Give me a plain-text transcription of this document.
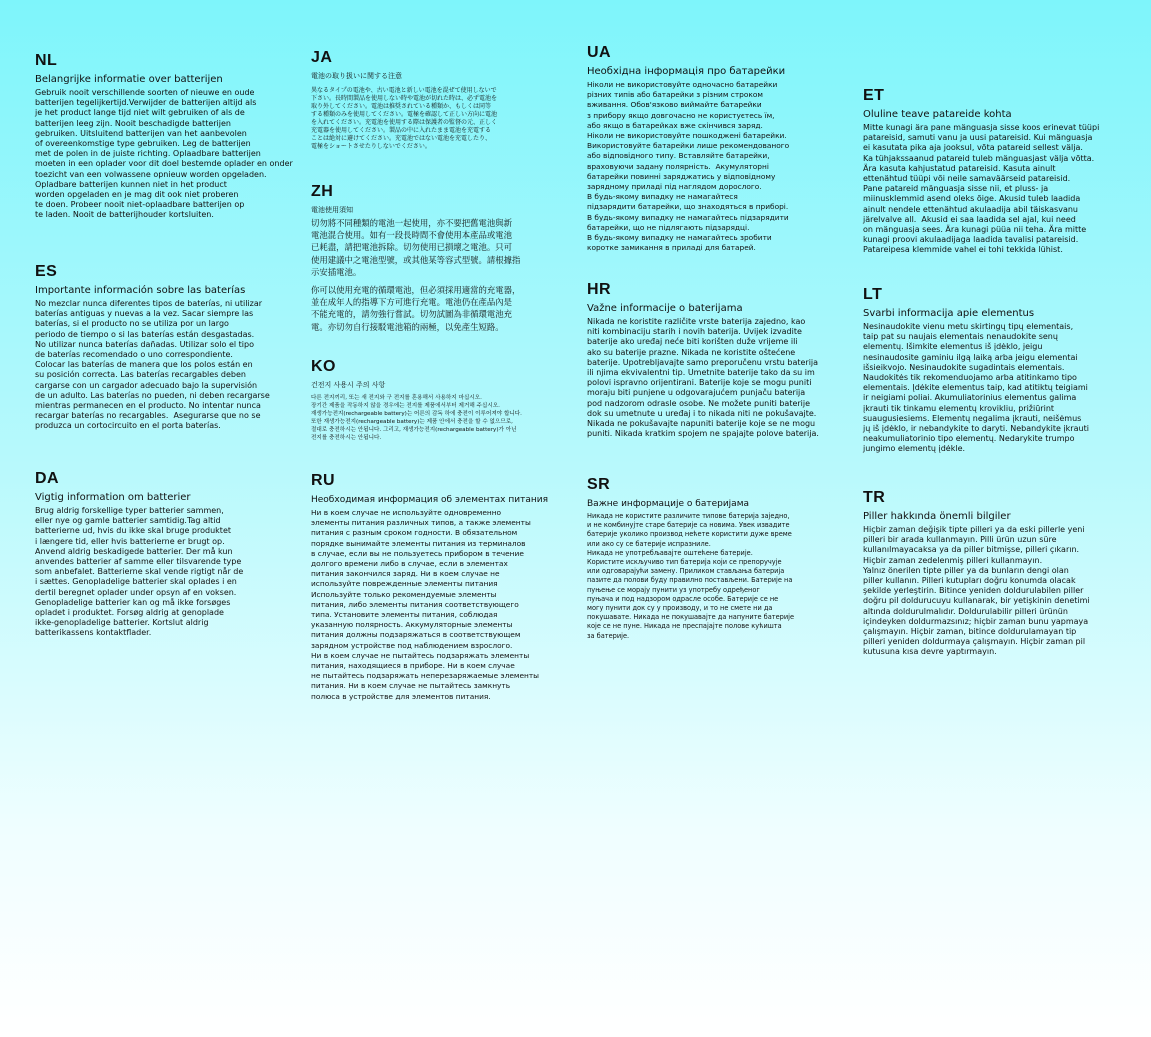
NL
Belangrijke informatie over batterijen
Gebruik nooit verschillende soorten of nieuwe en oude
batterijen tegelijkertijd.Verwijder de batterijen altijd als
je het product lange tijd niet wilt gebruiken of als de
batterijen leeg zijn. Nooit beschadigde batterijen
gebruiken. Uitsluitend batterijen van het aanbevolen
of overeenkomstige type gebruiken. Leg de batterijen
met de polen in de juiste richting. Oplaadbare batterijen
moeten in een oplader voor dit doel bestemde oplader en onder
toezicht van een volwassene opnieuw worden opgeladen.
Opladbare batterijen kunnen niet in het product
worden opgeladen en je mag dit ook niet proberen
te doen. Probeer nooit niet-oplaadbare batterijen op
te laden. Nooit de batterijhouder kortsluiten.
ES
Importante información sobre las baterías
No mezclar nunca diferentes tipos de baterías, ni utilizar
baterías antiguas y nuevas a la vez. Sacar siempre las
baterías, si el producto no se utiliza por un largo
periodo de tiempo o si las baterías están desgastadas.
No utilizar nunca baterías dañadas. Utilizar solo el tipo
de baterías recomendado o uno correspondiente.
Colocar las baterías de manera que los polos están en
su posición correcta. Las baterías recargables deben
cargarse con un cargador adecuado bajo la supervisión
de un adulto. Las baterías no pueden, ni deben recargarse
mientras permanecen en el producto. No intentar nunca
recargar baterías no recargables.  Asegurarse que no se
produzca un cortocircuito en el porta baterías.
DA
Vigtig information om batterier
Brug aldrig forskellige typer batterier sammen,
eller nye og gamle batterier samtidig.Tag altid
batterierne ud, hvis du ikke skal bruge produktet
i længere tid, eller hvis batterierne er brugt op.
Anvend aldrig beskadigede batterier. Der må kun
anvendes batterier af samme eller tilsvarende type
som anbefalet. Batterierne skal vende rigtigt når de
i sættes. Genopladelige batterier skal oplades i en
dertil beregnet oplader under opsyn af en voksen.
Genopladelige batterier kan og må ikke forsøges
opladet i produktet. Forsøg aldrig at genoplade
ikke-genopladelige batterier. Kortslut aldrig
batterikassens kontaktflader.
JA
電池の取り扱いに関する注意
異なるタイプの電池や、古い電池と新しい電池を混ぜて使用しないで
下さい。長時間製品を使用しない時や電池が切れた時は、必ず電池を
取り外してください。電池は推奨されている種類か、もしくは同等
する種類のみを使用してください。電極を確認して正しい方向に電池
を入れてください。充電池を使用する際は保護者の監督の元、正しく
充電器を使用してください。製品の中に入れたまま電池を充電する
ことは絶対に避けてください。充電池ではない電池を充電したり、
電極をショートさせたりしないでください。
ZH
電池使用須知
切勿將不同種類的電池一起使用，亦不要把舊電池與新
電池混合使用。如有一段長時間不會使用本產品或電池
已耗盡，請把電池拆除。切勿使用已損壞之電池。只可
使用建議中之電池型號，或其他某等容式型號。請根據指
示安插電池。
你可以使用充電的循環電池，但必須採用適當的充電器，
並在成年人的指導下方可進行充電。電池仍在產品內是
不能充電的，請勿強行嘗試。切勿試圖為非循環電池充
電。亦切勿自行接駁電池箱的兩極，以免產生短路。
KO
건전지 사용시 주의 사항
다른 전지끼리, 또는 새 전지와 구 전지를 혼용해서 사용하지 마십시오.
장기간 제품을 작동하지 않을 경우에는 전지를 제품에서부터 제거해 주십시오.
재생가능전지(rechargeable battery)는 어른의 감독 하에 충전이 이루어져야 합니다.
또한 재생가능전지(rechargeable battery)는 제품 안에서 충전을 할 수 없으므로,
절대로 충전하시는 안됩니다. 그리고, 재생가능전지(rechargeable battery)가 아닌
전지를 충전하시는 안됩니다.
RU
Необходимая информация об элементах питания
Ни в коем случае не используйте одновременно
элементы питания различных типов, а также элементы
питания с разным сроком годности. В обязательном
порядке вынимайте элементы питания из терминалов
в случае, если вы не пользуетесь прибором в течение
долгого времени либо в случае, если в элементах
питания закончился заряд. Ни в коем случае не
используйте поврежденные элементы питания
Используйте только рекомендуемые элементы
питания, либо элементы питания соответствующего
типа. Установите элементы питания, соблюдая
указанную полярность. Аккумуляторные элементы
питания должны подзаряжаться в соответствующем
зарядном устройстве под наблюдением взрослого.
Ни в коем случае не пытайтесь подзаряжать элементы
питания, находящиеся в приборе. Ни в коем случае
не пытайтесь подзаряжать неперезаряжаемые элементы
питания. Ни в коем случае не пытайтесь замкнуть
полюса в устройстве для элементов питания.
UA
Необхідна інформація про батарейки
Ніколи не використовуйте одночасно батарейки
різних типів або батарейки з різним строком
вживання. Обов'язково виймайте батарейки
з прибору якщо довгочасно не користуєтесь їм,
або якщо в батарейках вже скінчився заряд.
Ніколи не використовуйте пошкоджені батарейки.
Використовуйте батарейки лише рекомендованого
або відповідного типу. Вставляйте батарейки,
враховуючи задану полярність.  Акумуляторні
батарейки повинні заряджатись у відповідному
зарядному приладі під наглядом дорослого.
В будь-якому випадку не намагайтеся
підзарядити батарейки, що знаходяться в приборі.
В будь-якому випадку не намагайтесь підзарядити
батарейки, що не підлягають підзарядці.
В будь-якому випадку не намагайтесь зробити
коротке замикання в приладі для батарей.
HR
Važne informacije o baterijama
Nikada ne koristite različite vrste baterija zajedno, kao
niti kombinaciju starih i novih baterija. Uvijek izvadite
baterije ako uređaj neće biti korišten duže vrijeme ili
ako su baterije prazne. Nikada ne koristite oštećene
baterije. Upotrebljavajte samo preporučenu vrstu baterija
ili njima ekvivalentni tip. Umetnite baterije tako da su im
polovi ispravno orijentirani. Baterije koje se mogu puniti
moraju biti punjene u odgovarajućem punjaču baterija
pod nadzorom odrasle osobe. Ne možete puniti baterije
dok su umetnute u uređaj i to nikada niti ne pokušavajte.
Nikada ne pokušavajte napuniti baterije koje se ne mogu
puniti. Nikada kratkim spojem ne spajajte polove baterija.
SR
Важне информације о батеријама
Никада не користите различите типове батерија заједно,
и не комбинујте старе батерије са новима. Увек извадите
батерије уколико производ нећете користити дуже време
или ако су се батерије испразниле.
Никада не употребљавајте оштећене батерије.
Користите искључиво тип батерија који се препоручује
или одговарајући замену. Приликом стављања батерија
пазите да полови буду правилно постављени. Батерије на
пуњење се морају пунити уз употребу одређеног
пуњача и под надзором одрасле особе. Батерије се не
могу пунити док су у производу, и то не смете ни да
покушавате. Никада не покушавајте да напуните батерије
које се не пуне. Никада не преспајајте полове кућишта
за батерије.
ET
Oluline teave patareide kohta
Mitte kunagi ära pane mänguasja sisse koos erinevat tüüpi
patareisid, samuti vanu ja uusi patareisid. Kui mänguasja
ei kasutata pika aja jooksul, võta patareid sellest välja.
Ka tühjakssaanud patareid tuleb mänguasjast välja võtta.
Ära kasuta kahjustatud patareisid. Kasuta ainult
ettenähtud tüüpi või neile samaväärseid patareisid.
Pane patareid mänguasja sisse nii, et pluss- ja
miinusklemmid asend oleks õige. Akusid tuleb laadida
ainult nendele ettenähtud akulaadija abil täiskasvanu
järelvalve all.  Akusid ei saa laadida sel ajal, kui need
on mänguasja sees. Ära kunagi püüa nii teha. Ära mitte
kunagi proovi akulaadijaga laadida tavalisi patareisid.
Patareipesa klemmide vahel ei tohi tekkida lühist.
LT
Svarbi informacija apie elementus
Nesinaudokite vienu metu skirtingų tipų elementais,
taip pat su naujais elementais nenaudokite senų
elementų. Išimkite elementus iš įdėklo, jeigu
nesinaudosite gaminiu ilgą laiką arba jeigu elementai
išsieikvojo. Nesinaudokite sugadintais elementais.
Naudokitės tik rekomenduojamo arba atitinkamo tipo
elementais. Įdėkite elementus taip, kad atitiktų teigiami
ir neigiami poliai. Akumuliatorinius elementus galima
įkrauti tik tinkamu elementų krovikliu, prižiūrint
suaugusiesiems. Elementų negalima įkrauti, neišėmus
jų iš įdėklo, ir nebandykite to daryti. Nebandykite įkrauti
neakumuliatorinio tipo elementų. Nedarykite trumpo
jungimo elementų įdėkle.
TR
Piller hakkında önemli bilgiler
Hiçbir zaman değişik tipte pilleri ya da eski pillerle yeni
pilleri bir arada kullanmayın. Pilli ürün uzun süre
kullanılmayacaksa ya da piller bitmişse, pilleri çıkarın.
Hiçbir zaman zedelenmiş pilleri kullanmayın.
Yalnız önerilen tipte piller ya da bunların dengi olan
piller kullanın. Pilleri kutupları doğru konumda olacak
şekilde yerleştirin. Bitince yeniden doldurulabilen piller
doğru pil doldurucuyu kullanarak, bir yetişkinin denetimi
altında doldurulmalıdır. Doldurulabilir pilleri ürünün
içindeyken doldurmazsınız; hiçbir zaman bunu yapmaya
çalışmayın. Hiçbir zaman, bitince doldurulamayan tip
pilleri yeniden doldurmaya çalışmayın. Hiçbir zaman pil
kutusuna kısa devre yaptırmayın.
